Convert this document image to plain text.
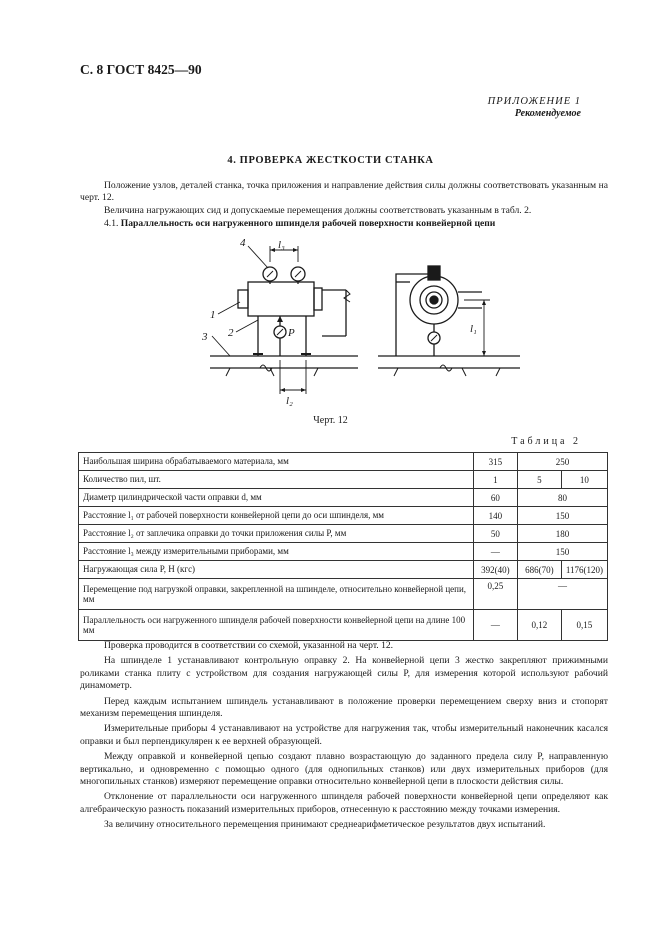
С. 8 ГОСТ 8425—90
ПРИЛОЖЕНИЕ 1
Рекомендуемое
4. ПРОВЕРКА ЖЕСТКОСТИ СТАНКА
Положение узлов, деталей станка, точка приложения и направление действия силы должны соответствовать указанным на черт. 12.
Величина нагружающих сид и допускаемые перемещения должны соответствовать указанным в табл. 2.
4.1. Параллельность оси нагруженного шпинделя рабочей поверхности конвейерной цепи
4	l₃
1
2
3	P
l₂
l₁
Черт. 12
Таблица 2
Наибольшая ширина обрабатываемого материала, мм	315	250	
Количество пил, шт.	1	5	10
Диаметр цилиндрической части оправки d, мм	60	80	
Расстояние l₁ от рабочей поверхности конвейерной цепи до оси шпинделя, мм	140	150	
Расстояние l₂ от заплечика оправки до точки приложения силы P, мм	50	180	
Расстояние l₃ между измерительными приборами, мм	—	150	
Нагружающая сила P, Н (кгс)	392(40)	686(70)	1176(120)
Перемещение под нагрузкой оправки, закрепленной на шпинделе, относительно конвейерной цепи, мм	0,25	—	
Параллельность оси нагруженного шпинделя рабочей поверхности конвейерной цепи на длине 100 мм	—	0,12	0,15

Проверка проводится в соответствии со схемой, указанной на черт. 12.

На шпинделе 1 устанавливают контрольную оправку 2. На конвейерной цепи 3 жестко закрепляют прижимными роликами станка плиту с устройством для создания нагружающей силы P, для измерения которой используют рабочий динамометр.

Перед каждым испытанием шпиндель устанавливают в положение проверки перемещением сверху вниз и стопорят механизм перемещения шпинделя.

Измерительные приборы 4 устанавливают на устройстве для нагружения так, чтобы измерительный наконечник касался оправки и был перпендикулярен к ее верхней образующей.

Между оправкой и конвейерной цепью создают плавно возрастающую до заданного предела силу P, направленную вертикально, и одновременно с помощью одного (для однопильных станков) или двух измерительных приборов (для многопильных станков) измеряют перемещение оправки относительно конвейерной цепи в плоскости действия силы.

Отклонение от параллельности оси нагруженного шпинделя рабочей поверхности конвейерной цепи определяют как алгебраическую разность показаний измерительных приборов, отнесенную к расстоянию между точками измерения.

За величину относительного перемещения принимают среднеарифметическое результатов двух испытаний.
